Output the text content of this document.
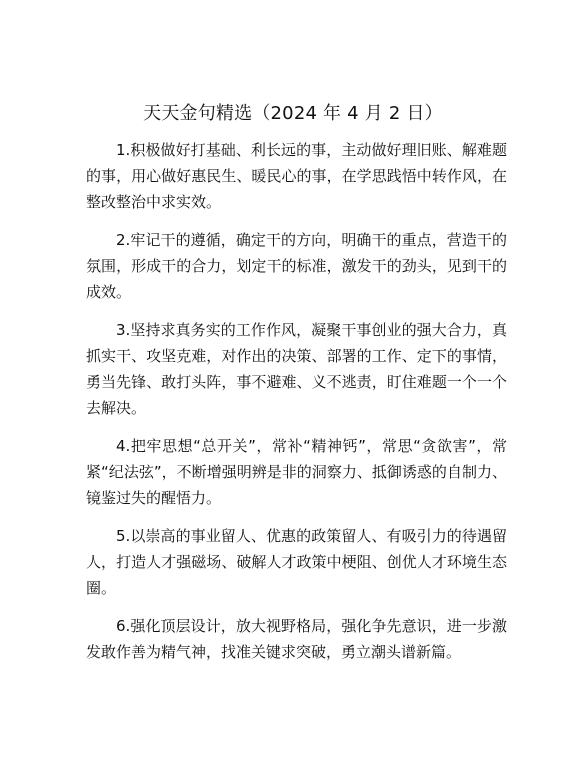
天天金句精选（2024 年 4 月 2 日）

1.积极做好打基础、利长远的事，主动做好理旧账、解难题的事，用心做好惠民生、暖民心的事，在学思践悟中转作风，在整改整治中求实效。

2.牢记干的遵循，确定干的方向，明确干的重点，营造干的氛围，形成干的合力，划定干的标准，激发干的劲头，见到干的成效。

3.坚持求真务实的工作作风，凝聚干事创业的强大合力，真抓实干、攻坚克难，对作出的决策、部署的工作、定下的事情，勇当先锋、敢打头阵，事不避难、义不逃责，盯住难题一个一个去解决。

4.把牢思想“总开关”，常补“精神钙”，常思“贪欲害”，常紧“纪法弦”，不断增强明辨是非的洞察力、抵御诱惑的自制力、镜鉴过失的醒悟力。

5.以崇高的事业留人、优惠的政策留人、有吸引力的待遇留人，打造人才强磁场、破解人才政策中梗阻、创优人才环境生态圈。

6.强化顶层设计，放大视野格局，强化争先意识，进一步激发敢作善为精气神，找准关键求突破，勇立潮头谱新篇。
